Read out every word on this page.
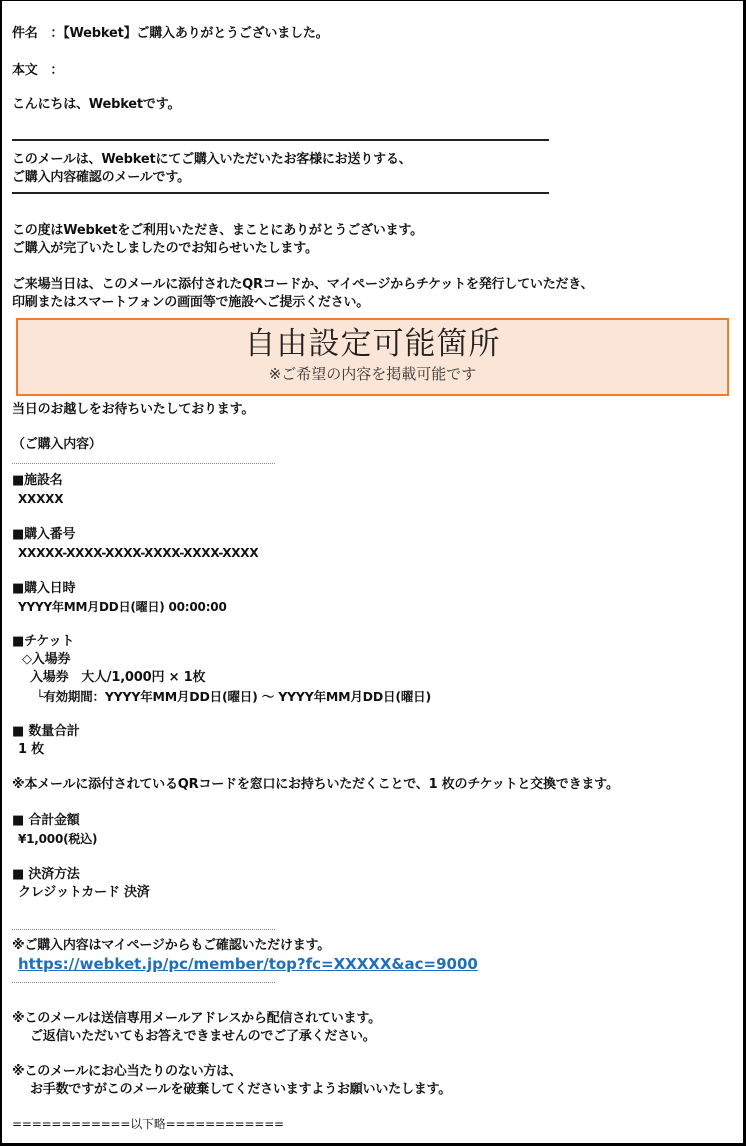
件名　：【Webket】ご購入ありがとうございました。
本文　：
こんにちは、Webketです。
このメールは、Webketにてご購入いただいたお客様にお送りする、
ご購入内容確認のメールです。
この度はWebketをご利用いただき、まことにありがとうございます。
ご購入が完了いたしましたのでお知らせいたします。
ご来場当日は、このメールに添付されたQRコードか、マイページからチケットを発行していただき、
印刷またはスマートフォンの画面等で施設へご提示ください。
自由設定可能箇所
※ご希望の内容を掲載可能です
当日のお越しをお待ちいたしております。
（ご購入内容）
■施設名
XXXXX
■購入番号
XXXXX-XXXX-XXXX-XXXX-XXXX-XXXX
■購入日時
YYYY年MM月DD日(曜日) 00:00:00
■チケット
◇入場券
入場券　大人/1,000円 × 1枚
└有効期間：YYYY年MM月DD日(曜日) ～ YYYY年MM月DD日(曜日)
■ 数量合計
1 枚
※本メールに添付されているQRコードを窓口にお持ちいただくことで、1 枚のチケットと交換できます。
■ 合計金額
¥1,000(税込)
■ 決済方法
クレジットカード 決済
※ご購入内容はマイページからもご確認いただけます。
https://webket.jp/pc/member/top?fc=XXXXX&ac=9000
※このメールは送信専用メールアドレスから配信されています。
ご返信いただいてもお答えできませんのでご了承ください。
※このメールにお心当たりのない方は、
お手数ですがこのメールを破棄してくださいますようお願いいたします。
============以下略============
